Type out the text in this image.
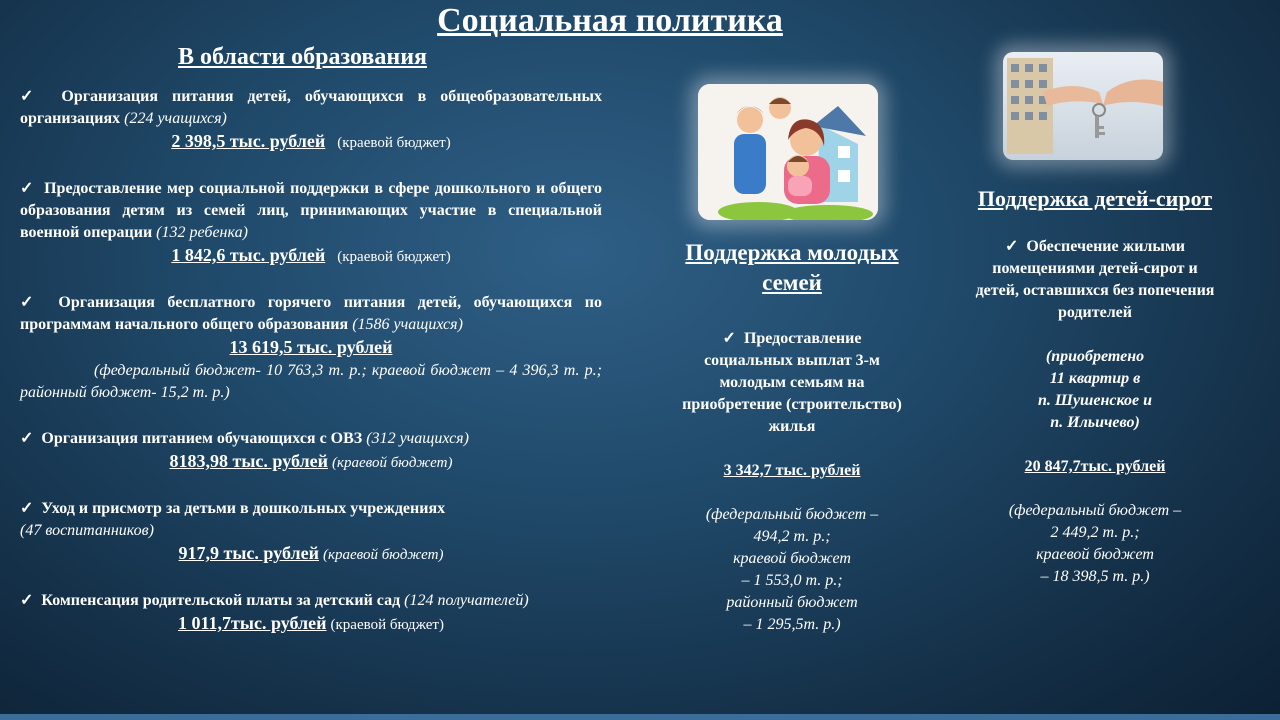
Социальная политика
В области образования

✓ Организация питания детей, обучающихся в общеобразовательных организациях (224 учащихся)

2 398,5 тыс. рублей (краевой бюджет)

✓ Предоставление мер социальной поддержки в сфере дошкольного и общего образования детям из семей лиц, принимающих участие в специальной военной операции (132 ребенка)

1 842,6 тыс. рублей (краевой бюджет)

✓ Организация бесплатного горячего питания детей, обучающихся по программам начального общего образования (1586 учащихся)

13 619,5 тыс. рублей

(федеральный бюджет- 10 763,3 т. р.; краевой бюджет – 4 396,3 т. р.; районный бюджет- 15,2 т. р.)

✓ Организация питанием обучающихся с ОВЗ (312 учащихся)

8183,98 тыс. рублей (краевой бюджет)

✓ Уход и присмотр за детьми в дошкольных учреждениях

(47 воспитанников)

917,9 тыс. рублей (краевой бюджет)

✓ Компенсация родительской платы за детский сад (124 получателей)

1 011,7тыс. рублей (краевой бюджет)

Поддержка молодых семей

✓ Предоставление социальных выплат 3-м молодым семьям на приобретение (строительство) жилья

3 342,7 тыс. рублей

(федеральный бюджет –

494,2 т. р.;

краевой бюджет

– 1 553,0 т. р.;

районный бюджет

– 1 295,5т. р.)

Поддержка детей-сирот

✓ Обеспечение жилыми помещениями детей-сирот и детей, оставшихся без попечения родителей

(приобретено

11 квартир в

п. Шушенское и

п. Ильичево)

20 847,7тыс. рублей

(федеральный бюджет –

2 449,2 т. р.;

краевой бюджет

– 18 398,5 т. р.)
